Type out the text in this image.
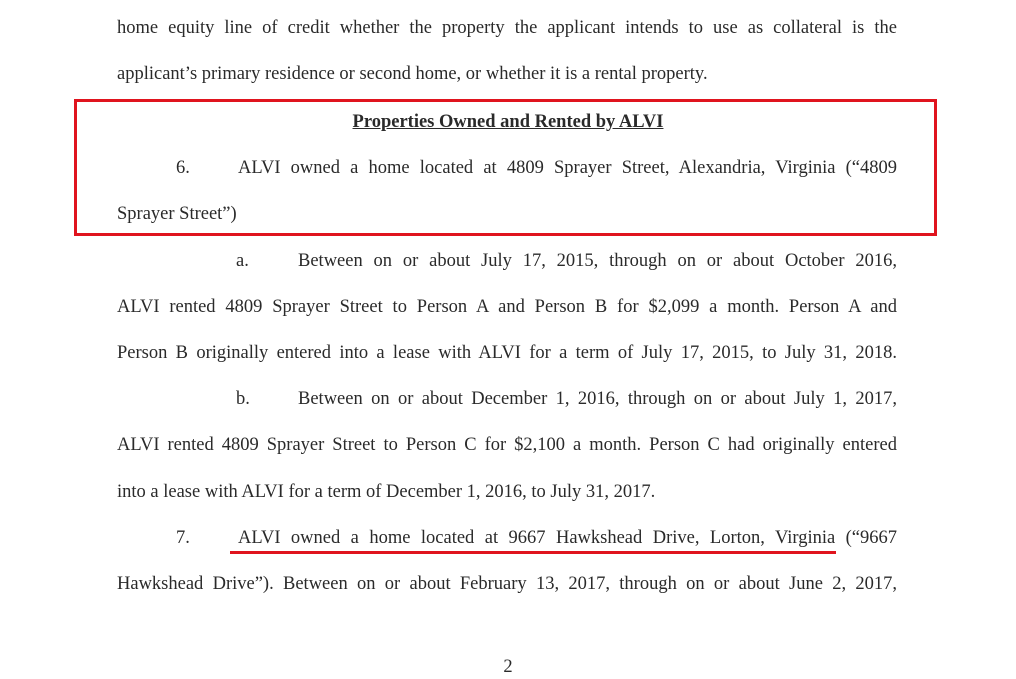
home equity line of credit whether the property the applicant intends to use as collateral is the
applicant’s primary residence or second home, or whether it is a rental property.
Properties Owned and Rented by ALVI
6.	ALVI owned a home located at 4809 Sprayer Street, Alexandria, Virginia (“4809
Sprayer Street”)
a.	Between on or about July 17, 2015, through on or about October 2016,
ALVI rented 4809 Sprayer Street to Person A and Person B for $2,099 a month. Person A and
Person B originally entered into a lease with ALVI for a term of July 17, 2015, to July 31, 2018.
b.	Between on or about December 1, 2016, through on or about July 1, 2017,
ALVI rented 4809 Sprayer Street to Person C for $2,100 a month. Person C had originally entered
into a lease with ALVI for a term of December 1, 2016, to July 31, 2017.
7.	ALVI owned a home located at 9667 Hawkshead Drive, Lorton, Virginia (“9667
Hawkshead Drive”). Between on or about February 13, 2017, through on or about June 2, 2017,
2
